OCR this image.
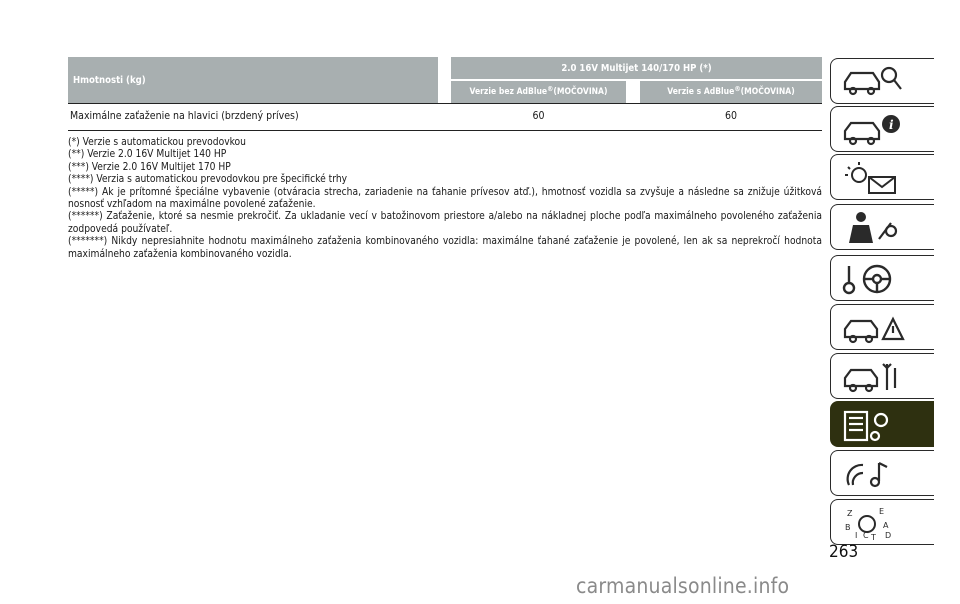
Hmotnosti (kg)
2.0 16V Multijet 140/170 HP (*)
Verzie bez AdBlue® (MOČOVINA)	Verzie s AdBlue® (MOČOVINA)
Maximálne zaťaženie na hlavici (brzdený príves)	60	60

(*) Verzie s automatickou prevodovkou

(**) Verzie 2.0 16V Multijet 140 HP

(***) Verzie 2.0 16V Multijet 170 HP

(****) Verzia s automatickou prevodovkou pre špecifické trhy

(*****) Ak je prítomné špeciálne vybavenie (otváracia strecha, zariadenie na ťahanie prívesov atď.), hmotnosť vozidla sa zvyšuje a následne sa znižuje úžitková nosnosť vzhľadom na maximálne povolené zaťaženie.

(******) Zaťaženie, ktoré sa nesmie prekročiť. Za ukladanie vecí v batožinovom priestore a/alebo na nákladnej ploche podľa maximálneho povoleného zaťaženia zodpovedá používateľ.

(*******) Nikdy nepresiahnite hodnotu maximálneho zaťaženia kombinovaného vozidla: maximálne ťahané zaťaženie je povolené, len ak sa neprekročí hodnota maximálneho zaťaženia kombinovaného vozidla.

i
Z	E
B	A
I C T D
263
carmanualsonline.info
